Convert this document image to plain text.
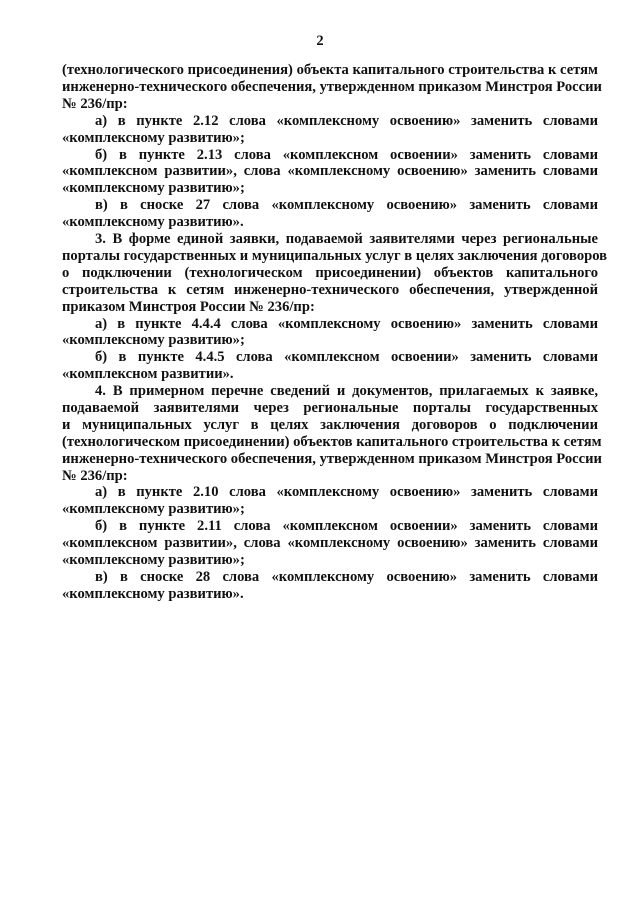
2
(технологического присоединения) объекта капитального строительства к сетям
инженерно-технического обеспечения, утвержденном приказом Минстроя России
№ 236/пр:
а) в пункте 2.12 слова «комплексному освоению» заменить словами
«комплексному развитию»;
б) в пункте 2.13 слова «комплексном освоении» заменить словами
«комплексном развитии», слова «комплексному освоению» заменить словами
«комплексному развитию»;
в) в сноске 27 слова «комплексному освоению» заменить словами
«комплексному развитию».
3. В форме единой заявки, подаваемой заявителями через региональные
порталы государственных и муниципальных услуг в целях заключения договоров
о подключении (технологическом присоединении) объектов капитального
строительства к сетям инженерно-технического обеспечения, утвержденной
приказом Минстроя России № 236/пр:
а) в пункте 4.4.4 слова «комплексному освоению» заменить словами
«комплексному развитию»;
б) в пункте 4.4.5 слова «комплексном освоении» заменить словами
«комплексном развитии».
4. В примерном перечне сведений и документов, прилагаемых к заявке,
подаваемой заявителями через региональные порталы государственных
и муниципальных услуг в целях заключения договоров о подключении
(технологическом присоединении) объектов капитального строительства к сетям
инженерно-технического обеспечения, утвержденном приказом Минстроя России
№ 236/пр:
а) в пункте 2.10 слова «комплексному освоению» заменить словами
«комплексному развитию»;
б) в пункте 2.11 слова «комплексном освоении» заменить словами
«комплексном развитии», слова «комплексному освоению» заменить словами
«комплексному развитию»;
в) в сноске 28 слова «комплексному освоению» заменить словами
«комплексному развитию».
